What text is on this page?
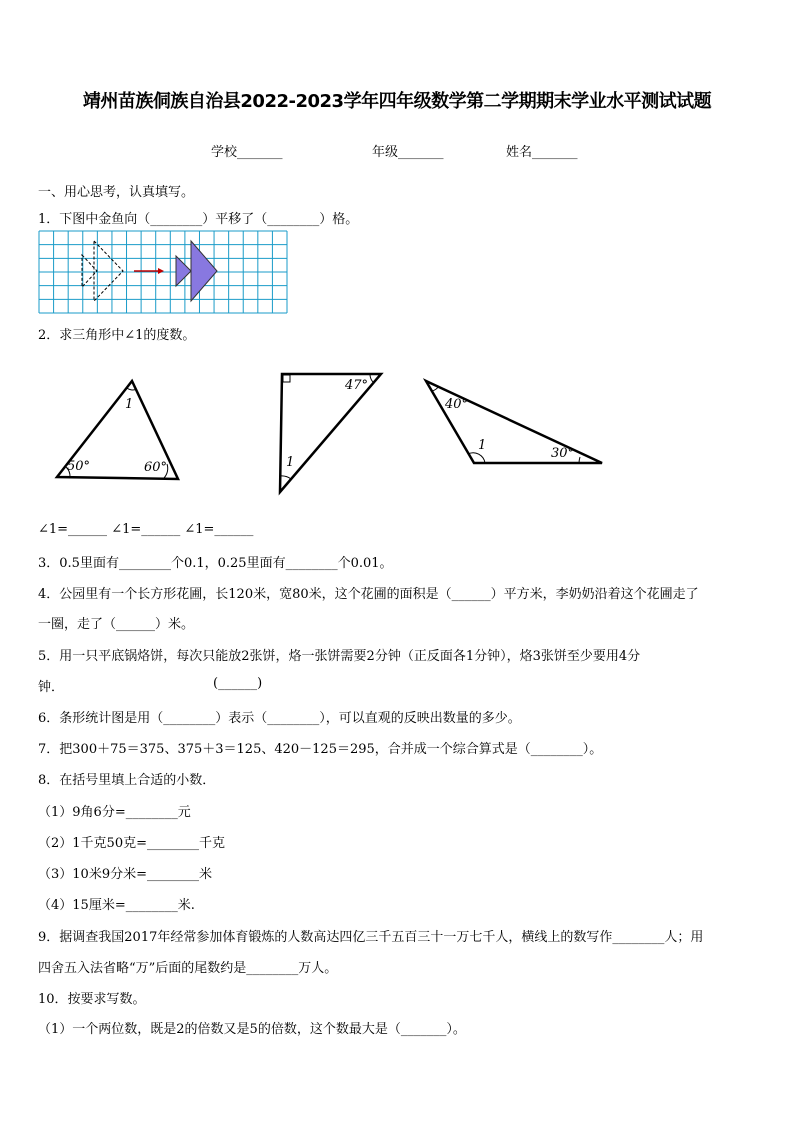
靖州苗族侗族自治县2022-2023学年四年级数学第二学期期末学业水平测试试题
学校_______	年级_______	姓名_______
一、用心思考，认真填写。
1．下图中金鱼向（________）平移了（________）格。
2．求三角形中∠1的度数。
1
50°	60°
47°
1
40°
1
30°
∠1=______ ∠1=______ ∠1=______
3．0.5里面有________个0.1，0.25里面有________个0.01。
4．公园里有一个长方形花圃，长120米，宽80米，这个花圃的面积是（______）平方米，李奶奶沿着这个花圃走了
一圈，走了（______）米。
5．用一只平底锅烙饼，每次只能放2张饼，烙一张饼需要2分钟（正反面各1分钟），烙3张饼至少要用4分
钟．	(______)
6．条形统计图是用（________）表示（________），可以直观的反映出数量的多少。
7．把300＋75＝375、375＋3＝125、420－125＝295，合并成一个综合算式是（________）。
8．在括号里填上合适的小数．
（1）9角6分=________元
（2）1千克50克=________千克
（3）10米9分米=________米
（4）15厘米=________米.
9．据调查我国2017年经常参加体育锻炼的人数高达四亿三千五百三十一万七千人，横线上的数写作________人；用
四舍五入法省略“万”后面的尾数约是________万人。
10．按要求写数。
（1）一个两位数，既是2的倍数又是5的倍数，这个数最大是（_______）。
